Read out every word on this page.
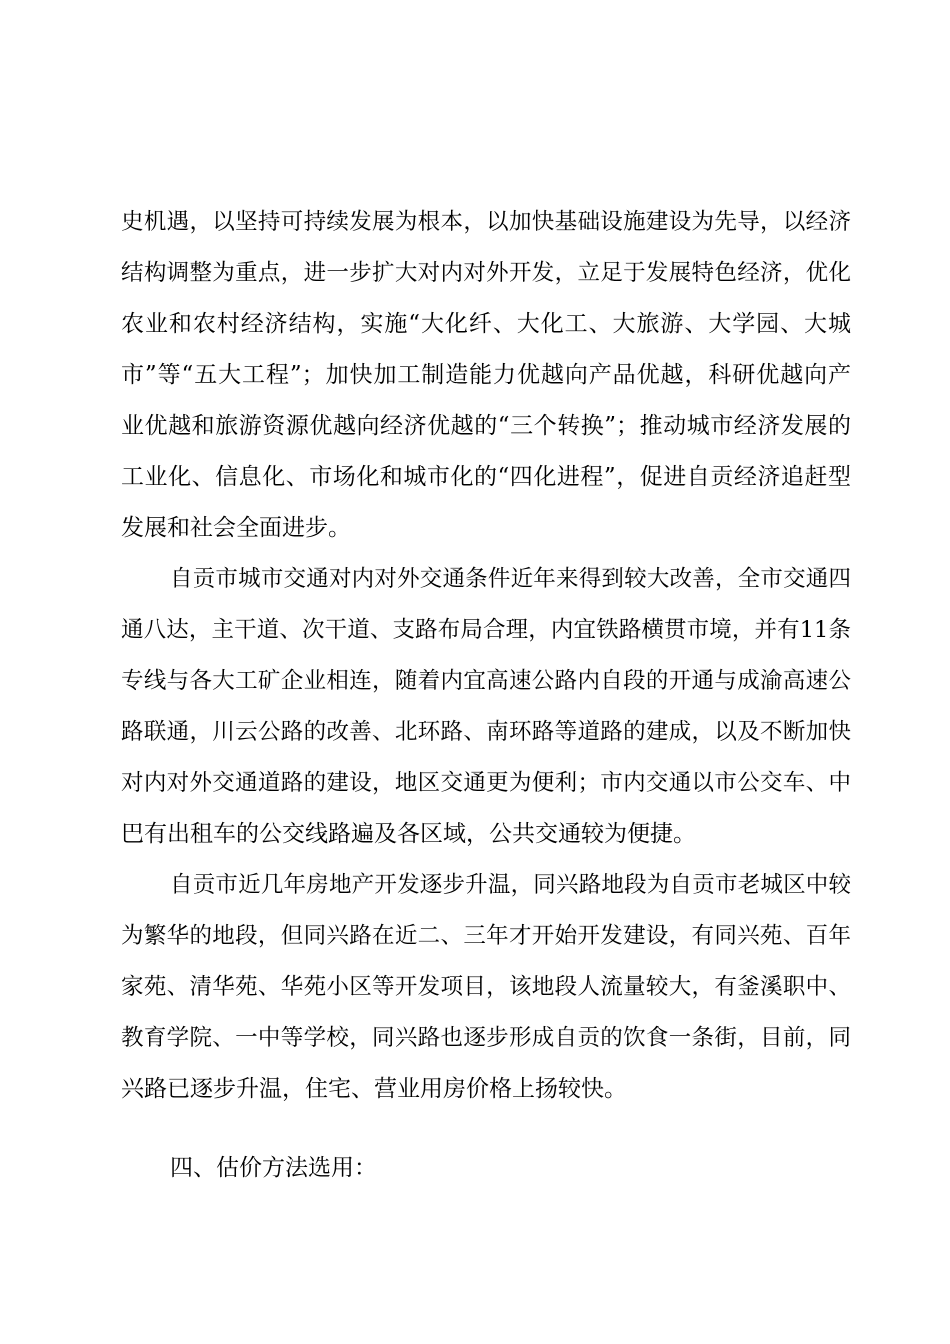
史机遇，以坚持可持续发展为根本，以加快基础设施建设为先导，以经济
结构调整为重点，进一步扩大对内对外开发，立足于发展特色经济，优化
农业和农村经济结构，实施“大化纤、大化工、大旅游、大学园、大城
市”等“五大工程”；加快加工制造能力优越向产品优越，科研优越向产
业优越和旅游资源优越向经济优越的“三个转换”；推动城市经济发展的
工业化、信息化、市场化和城市化的“四化进程”，促进自贡经济追赶型
发展和社会全面进步。
自贡市城市交通对内对外交通条件近年来得到较大改善，全市交通四
通八达，主干道、次干道、支路布局合理，内宜铁路横贯市境，并有11条
专线与各大工矿企业相连，随着内宜高速公路内自段的开通与成渝高速公
路联通，川云公路的改善、北环路、南环路等道路的建成，以及不断加快
对内对外交通道路的建设，地区交通更为便利；市内交通以市公交车、中
巴有出租车的公交线路遍及各区域，公共交通较为便捷。
自贡市近几年房地产开发逐步升温，同兴路地段为自贡市老城区中较
为繁华的地段，但同兴路在近二、三年才开始开发建设，有同兴苑、百年
家苑、清华苑、华苑小区等开发项目，该地段人流量较大，有釜溪职中、
教育学院、一中等学校，同兴路也逐步形成自贡的饮食一条街，目前，同
兴路已逐步升温，住宅、营业用房价格上扬较快。
四、估价方法选用：
